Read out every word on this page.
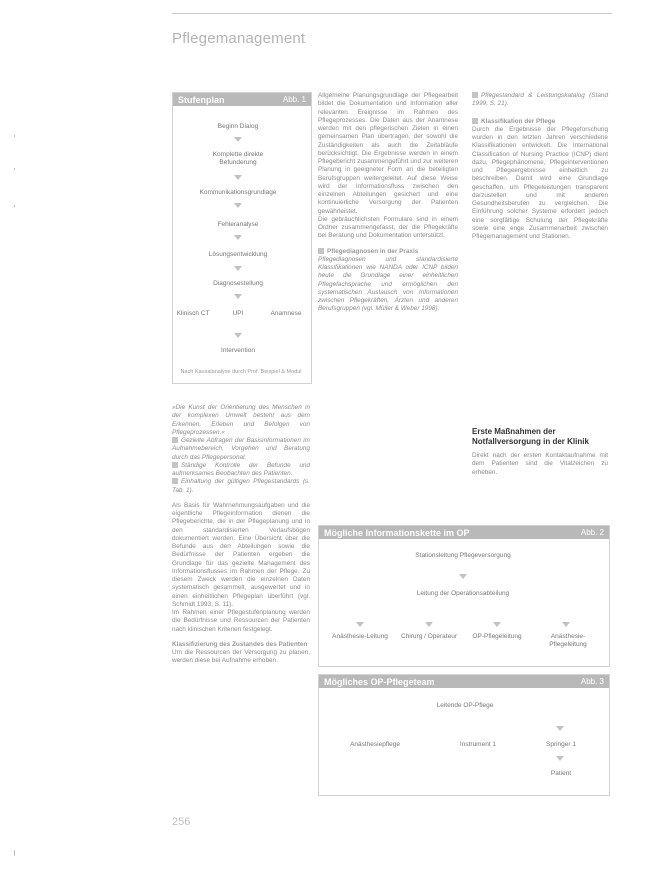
Pflegemanagement
Stufenplan	Abb. 1
Beginn Dialog
Komplette direkte Befunderung
Kommunikationsgrundlage
Fehleranalyse
Lösungsentwicklung
Diagnosestellung
Klinisch CT	UPI	Anamnese
Intervention
Nach Kausalanalyse durch Prof. Beispiel & Modul

»Die Kunst der Orientierung des Menschen in der komplexen Umwelt besteht aus dem Erkennen, Erleben und Befolgen von Pflegeprozessen.«

Gezielte Abfragen der Basisinformationen im Aufnahmebereich, Vorgehen und Beratung durch das Pflegepersonal.

Ständige Kontrolle der Befunde und aufmerksames Beobachten des Patienten.

Einhaltung der gültigen Pflegestandards (s. Tab. 1).

Als Basis für Wahrnehmungsaufgaben und die eigentliche Pflegeinformation dienen die Pflegeberichte, die in der Pflegeplanung und in den standardisierten Verlaufsbögen dokumentiert werden. Eine Übersicht über die Befunde aus den Abteilungen sowie die Bedürfnisse der Patienten ergeben die Grundlage für das gezielte Management des Informationsflusses im Rahmen der Pflege. Zu diesem Zweck werden die einzelnen Daten systematisch gesammelt, ausgewertet und in einen einheitlichen Pflegeplan überführt (vgl. Schmidt 1993, S. 11).

Im Rahmen einer Pflegestufenplanung werden die Bedürfnisse und Ressourcen der Patienten nach klinischen Kriterien festgelegt.

Klassifizierung des Zustandes des Patienten

Um die Ressourcen der Versorgung zu planen, werden diese bei Aufnahme erhoben.

Allgemeine Planungsgrundlage der Pflegearbeit bildet die Dokumentation und Information aller relevanten Ereignisse im Rahmen des Pflegeprozesses. Die Daten aus der Anamnese werden mit den pflegerischen Zielen in einen gemeinsamen Plan übertragen, der sowohl die Zuständigkeiten als auch die Zeitabläufe berücksichtigt. Die Ergebnisse werden in einem Pflegebericht zusammengeführt und zur weiteren Planung in geeigneter Form an die beteiligten Berufsgruppen weitergeleitet. Auf diese Weise wird der Informationsfluss zwischen den einzelnen Abteilungen gesichert und eine kontinuierliche Versorgung der Patienten gewährleistet.

Die gebräuchlichsten Formulare sind in einem Ordner zusammengefasst, der die Pflegekräfte bei Beratung und Dokumentation unterstützt.

Pflegediagnosen in der Praxis

Pflegediagnosen und standardisierte Klassifikationen wie NANDA oder ICNP bilden heute die Grundlage einer einheitlichen Pflegefachsprache und ermöglichen den systematischen Austausch von Informationen zwischen Pflegekräften, Ärzten und anderen Berufsgruppen (vgl. Müller & Weber 1998).

Pflegestandard & Leistungskatalog (Stand 1999, S. 21).

Klassifikation der Pflege

Durch die Ergebnisse der Pflegeforschung wurden in den letzten Jahren verschiedene Klassifikationen entwickelt. Die International Classification of Nursing Practice (ICNP) dient dazu, Pflegephänomene, Pflegeinterventionen und Pflegeergebnisse einheitlich zu beschreiben. Damit wird eine Grundlage geschaffen, um Pflegeleistungen transparent darzustellen und mit anderen Gesundheitsberufen zu vergleichen. Die Einführung solcher Systeme erfordert jedoch eine sorgfältige Schulung der Pflegekräfte sowie eine enge Zusammenarbeit zwischen Pflegemanagement und Stationen.

Erste Maßnahmen der Notfallversorgung in der Klinik

Direkt nach der ersten Kontaktaufnahme mit dem Patienten sind die Vitalzeichen zu erheben.

Mögliche Informationskette im OP	Abb. 2
Stationsleitung Pflegeversorgung
Leitung der Operationsabteilung
Anästhesie-Leitung	Chirurg / Operateur	OP-Pflegeleitung	Anästhesie-Pflegeleitung
Mögliches OP-Pflegeteam	Abb. 3
Leitende OP-Pflege
Anästhesiepflege	Instrument 1	Springer 1
Patient
256
